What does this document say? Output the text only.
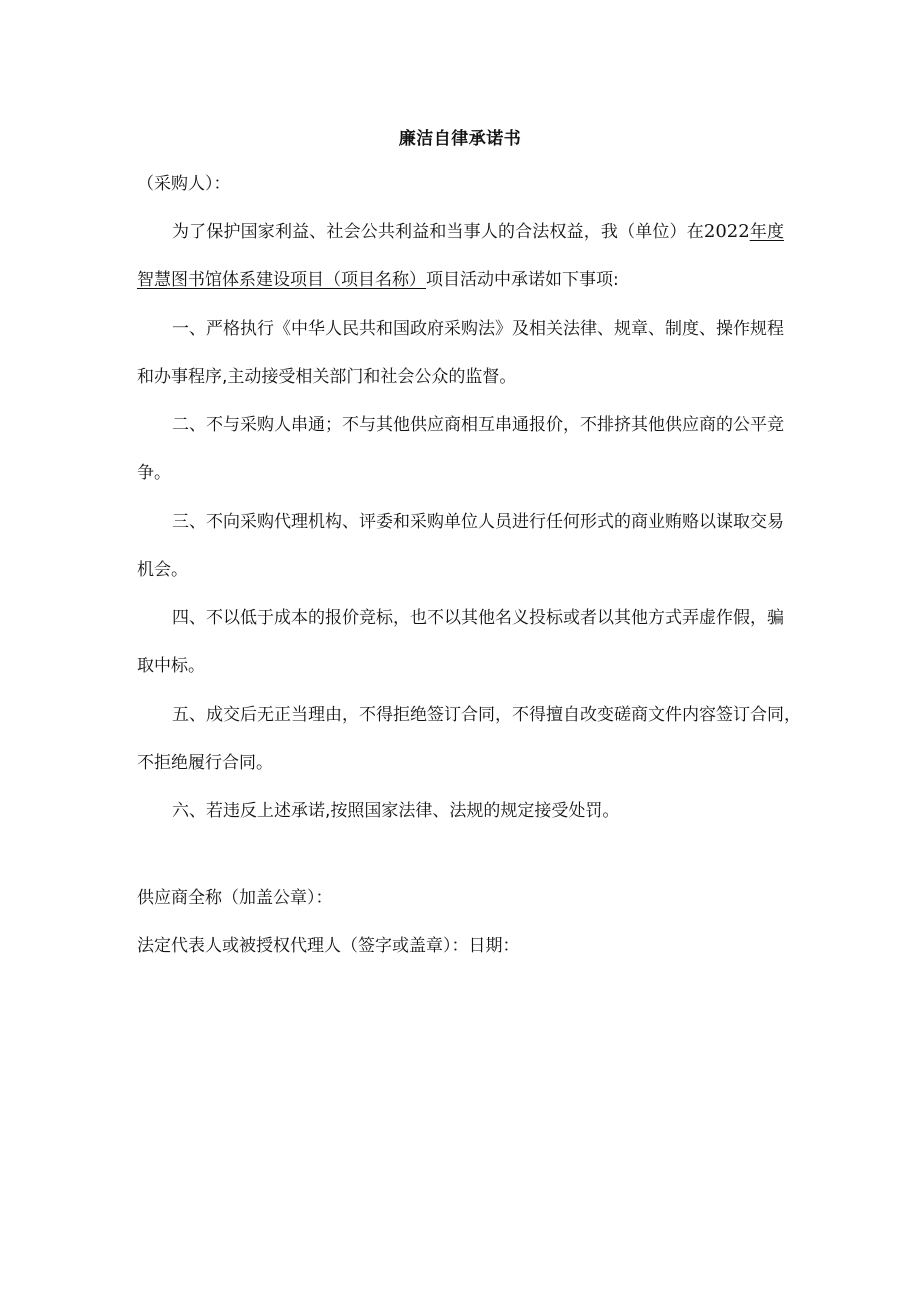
廉洁自律承诺书
（采购人）：
为了保护国家利益、社会公共利益和当事人的合法权益，我（单位）在2022年度
智慧图书馆体系建设项目（项目名称）项目活动中承诺如下事项:
一、严格执行《中华人民共和国政府采购法》及相关法律、规章、制度、操作规程
和办事程序,主动接受相关部门和社会公众的监督。
二、不与采购人串通；不与其他供应商相互串通报价，不排挤其他供应商的公平竞
争。
三、不向采购代理机构、评委和采购单位人员进行任何形式的商业贿赂以谋取交易
机会。
四、不以低于成本的报价竞标，也不以其他名义投标或者以其他方式弄虚作假，骗
取中标。
五、成交后无正当理由，不得拒绝签订合同，不得擅自改变磋商文件内容签订合同，
不拒绝履行合同。
六、若违反上述承诺,按照国家法律、法规的规定接受处罚。
供应商全称（加盖公章）：
法定代表人或被授权代理人（签字或盖章）：日期：
